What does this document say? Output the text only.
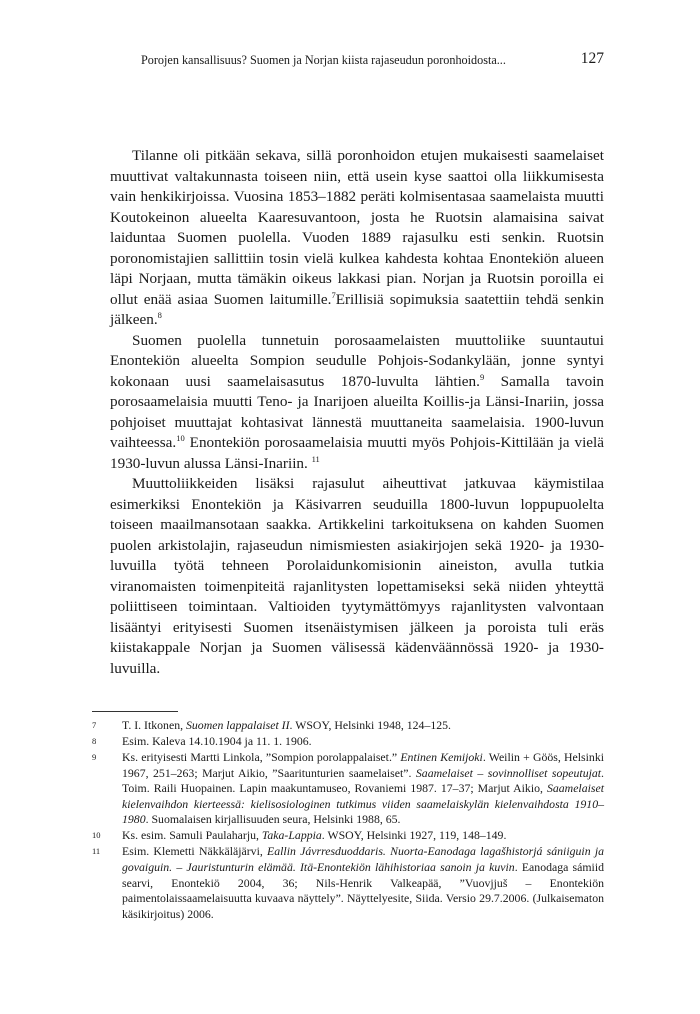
Porojen kansallisuus? Suomen ja Norjan kiista rajaseudun poronhoidosta...	127

Tilanne oli pitkään sekava, sillä poronhoidon etujen mukaisesti saamelaiset muuttivat valtakunnasta toiseen niin, että usein kyse saattoi olla liikkumisesta vain henkikirjoissa. Vuosina 1853–1882 peräti kolmisentasaa saamelaista muutti Koutokeinon alueelta Kaaresuvantoon, josta he Ruotsin alamaisina saivat laiduntaa Suomen puolella. Vuoden 1889 rajasulku esti senkin. Ruotsin poronomistajien sallittiin tosin vielä kulkea kahdesta kohtaa Enontekiön alueen läpi Norjaan, mutta tämäkin oikeus lakkasi pian. Norjan ja Ruotsin poroilla ei ollut enää asiaa Suomen laitumille.$^7$Erillisiä sopimuksia saatettiin tehdä senkin jälkeen.$^8$

Suomen puolella tunnetuin porosaamelaisten muuttoliike suuntautui Enontekiön alueelta Sompion seudulle Pohjois-Sodankylään, jonne syntyi kokonaan uusi saamelaisasutus 1870-luvulta lähtien.$^9$ Samalla tavoin porosaamelaisia muutti Teno- ja Inarijoen alueilta Koillis-ja Länsi-Inariin, jossa pohjoiset muuttajat kohtasivat lännestä muuttaneita saamelaisia. 1900-luvun vaihteessa.$^{10}$ Enontekiön porosaamelaisia muutti myös Pohjois-Kittilään ja vielä 1930-luvun alussa Länsi-Inariin. $^{11}$

Muuttoliikkeiden lisäksi rajasulut aiheuttivat jatkuvaa käymistilaa esimerkiksi Enontekiön ja Käsivarren seuduilla 1800-luvun loppupuolelta toiseen maailmansotaan saakka. Artikkelini tarkoituksena on kahden Suomen puolen arkistolajin, rajaseudun nimismiesten asiakirjojen sekä 1920- ja 1930-luvuilla työtä tehneen Porolaidunkomisionin aineiston, avulla tutkia viranomaisten toimenpiteitä rajanlitysten lopettamiseksi sekä niiden yhteyttä poliittiseen toimintaan. Valtioiden tyytymättömyys rajanlitysten valvontaan lisääntyi erityisesti Suomen itsenäistymisen jälkeen ja poroista tuli eräs kiistakappale Norjan ja Suomen välisessä kädenväännössä 1920- ja 1930-luvuilla.

7 T. I. Itkonen, Suomen lappalaiset II. WSOY, Helsinki 1948, 124–125.
8 Esim. Kaleva 14.10.1904 ja 11. 1. 1906.
9 Ks. erityisesti Martti Linkola, ”Sompion porolappalaiset.” Entinen Kemijoki. Weilin + Göös, Helsinki 1967, 251–263; Marjut Aikio, ”Saaritunturien saamelaiset”. Saamelaiset – sovinnolliset sopeutujat. Toim. Raili Huopainen. Lapin maakuntamuseo, Rovaniemi 1987. 17–37; Marjut Aikio, Saamelaiset kielenvaihdon kierteessä: kielisosiologinen tutkimus viiden saamelaiskylän kielenvaihdosta 1910–1980. Suomalaisen kirjallisuuden seura, Helsinki 1988, 65.
10 Ks. esim. Samuli Paulaharju, Taka-Lappia. WSOY, Helsinki 1927, 119, 148–149.
11 Esim. Klemetti Näkkäläjärvi, Eallin Jávrresduoddaris. Nuorta-Eanodaga lagašhistorjá sániiguin ja govaiguin. – Jauristunturin elämää. Itä-Enontekiön lähihistoriaa sanoin ja kuvin. Eanodaga sámiid searvi, Enontekiö 2004, 36; Nils-Henrik Valkeapää, ”Vuovjjuš – Enontekiön paimentolaissaamelaisuutta kuvaava näyttely”. Näyttelyesite, Siida. Versio 29.7.2006. (Julkaisematon käsikirjoitus) 2006.
